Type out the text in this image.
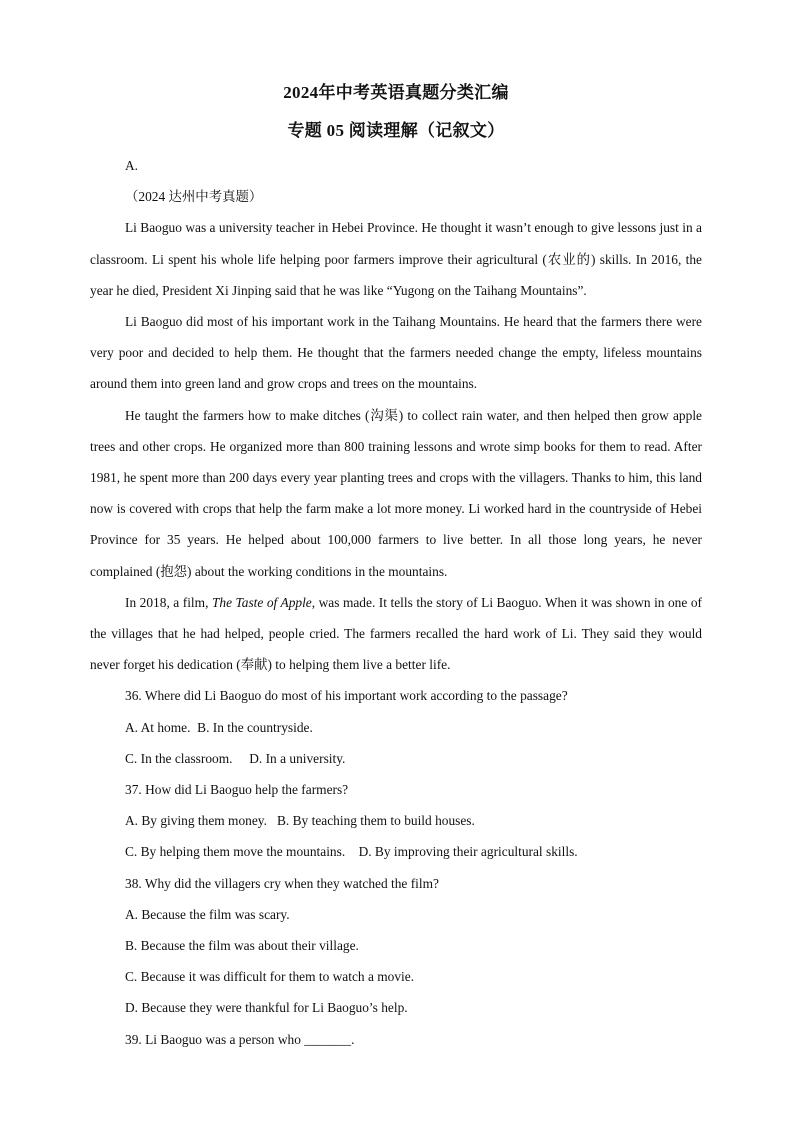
2024年中考英语真题分类汇编
专题 05 阅读理解（记叙文）

A.

（2024 达州中考真题）

Li Baoguo was a university teacher in Hebei Province. He thought it wasn’t enough to give lessons just in a classroom. Li spent his whole life helping poor farmers improve their agricultural (农业的) skills. In 2016, the year he died, President Xi Jinping said that he was like “Yugong on the Taihang Mountains”.

Li Baoguo did most of his important work in the Taihang Mountains. He heard that the farmers there were very poor and decided to help them. He thought that the farmers needed change the empty, lifeless mountains around them into green land and grow crops and trees on the mountains.

He taught the farmers how to make ditches (沟渠) to collect rain water, and then helped then grow apple trees and other crops. He organized more than 800 training lessons and wrote simp books for them to read. After 1981, he spent more than 200 days every year planting trees and crops with the villagers. Thanks to him, this land now is covered with crops that help the farm make a lot more money. Li worked hard in the countryside of Hebei Province for 35 years. He helped about 100,000 farmers to live better. In all those long years, he never complained (抱怨) about the working conditions in the mountains.

In 2018, a film, The Taste of Apple, was made. It tells the story of Li Baoguo. When it was shown in one of the villages that he had helped, people cried. The farmers recalled the hard work of Li. They said they would never forget his dedication (奉献) to helping them live a better life.

36. Where did Li Baoguo do most of his important work according to the passage?

A. At home.  B. In the countryside.

C. In the classroom.     D. In a university.

37. How did Li Baoguo help the farmers?

A. By giving them money.   B. By teaching them to build houses.

C. By helping them move the mountains.    D. By improving their agricultural skills.

38. Why did the villagers cry when they watched the film?

A. Because the film was scary.

B. Because the film was about their village.

C. Because it was difficult for them to watch a movie.

D. Because they were thankful for Li Baoguo’s help.

39. Li Baoguo was a person who _______.
